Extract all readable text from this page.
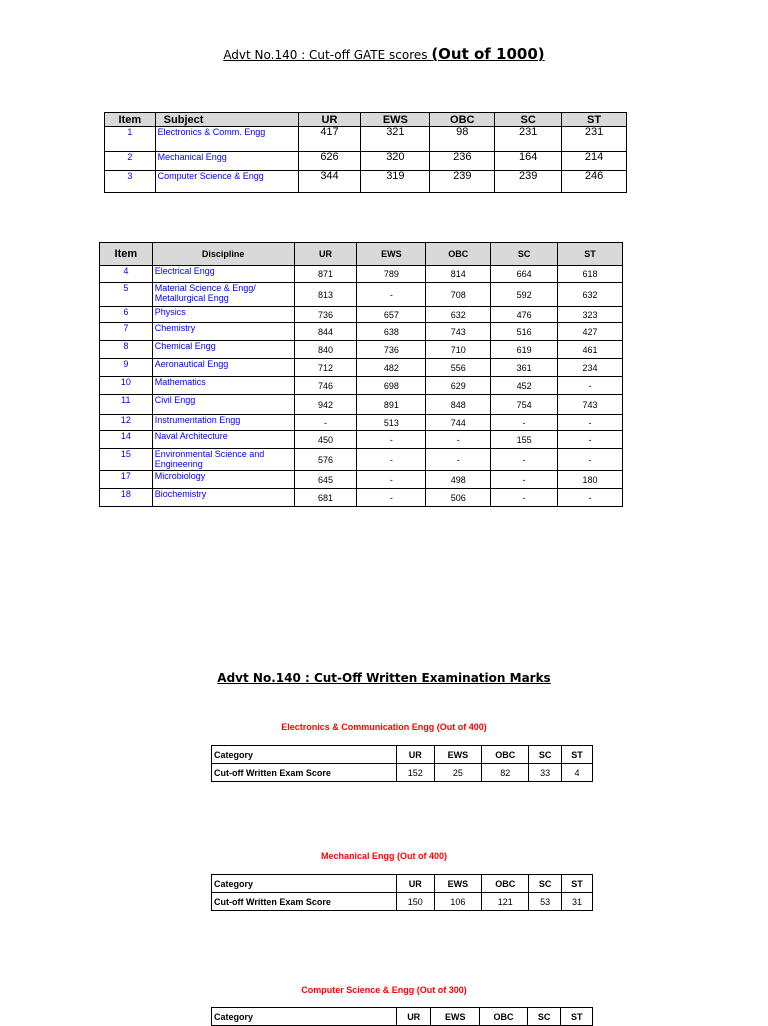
Advt No.140 : Cut-off GATE scores (Out of 1000)
Item	Subject	UR	EWS	OBC	SC	ST
1	Electronics & Comm. Engg	417	321	98	231	231
2	Mechanical Engg	626	320	236	164	214
3	Computer Science & Engg	344	319	239	239	246
Item	Discipline	UR	EWS	OBC	SC	ST
4	Electrical Engg	871	789	814	664	618
5	Material Science & Engg/ Metallurgical Engg	813	-	708	592	632
6	Physics	736	657	632	476	323
7	Chemistry	844	638	743	516	427
8	Chemical Engg	840	736	710	619	461
9	Aeronautical Engg	712	482	556	361	234
10	Mathematics	746	698	629	452	-
11	Civil Engg	942	891	848	754	743
12	Instrumentation Engg	-	513	744	-	-
14	Naval Architecture	450	-	-	155	-
15	Environmental Science and Engineering	576	-	-	-	-
17	Microbiology	645	-	498	-	180
18	Biochemistry	681	-	506	-	-
Advt No.140 : Cut-Off Written Examination Marks
Electronics & Communication Engg (Out of 400)
Category	UR	EWS	OBC	SC	ST
Cut-off Written Exam Score	152	25	82	33	4
Mechanical Engg (Out of 400)
Category	UR	EWS	OBC	SC	ST
Cut-off Written Exam Score	150	106	121	53	31
Computer Science & Engg (Out of 300)
Category	UR	EWS	OBC	SC	ST
